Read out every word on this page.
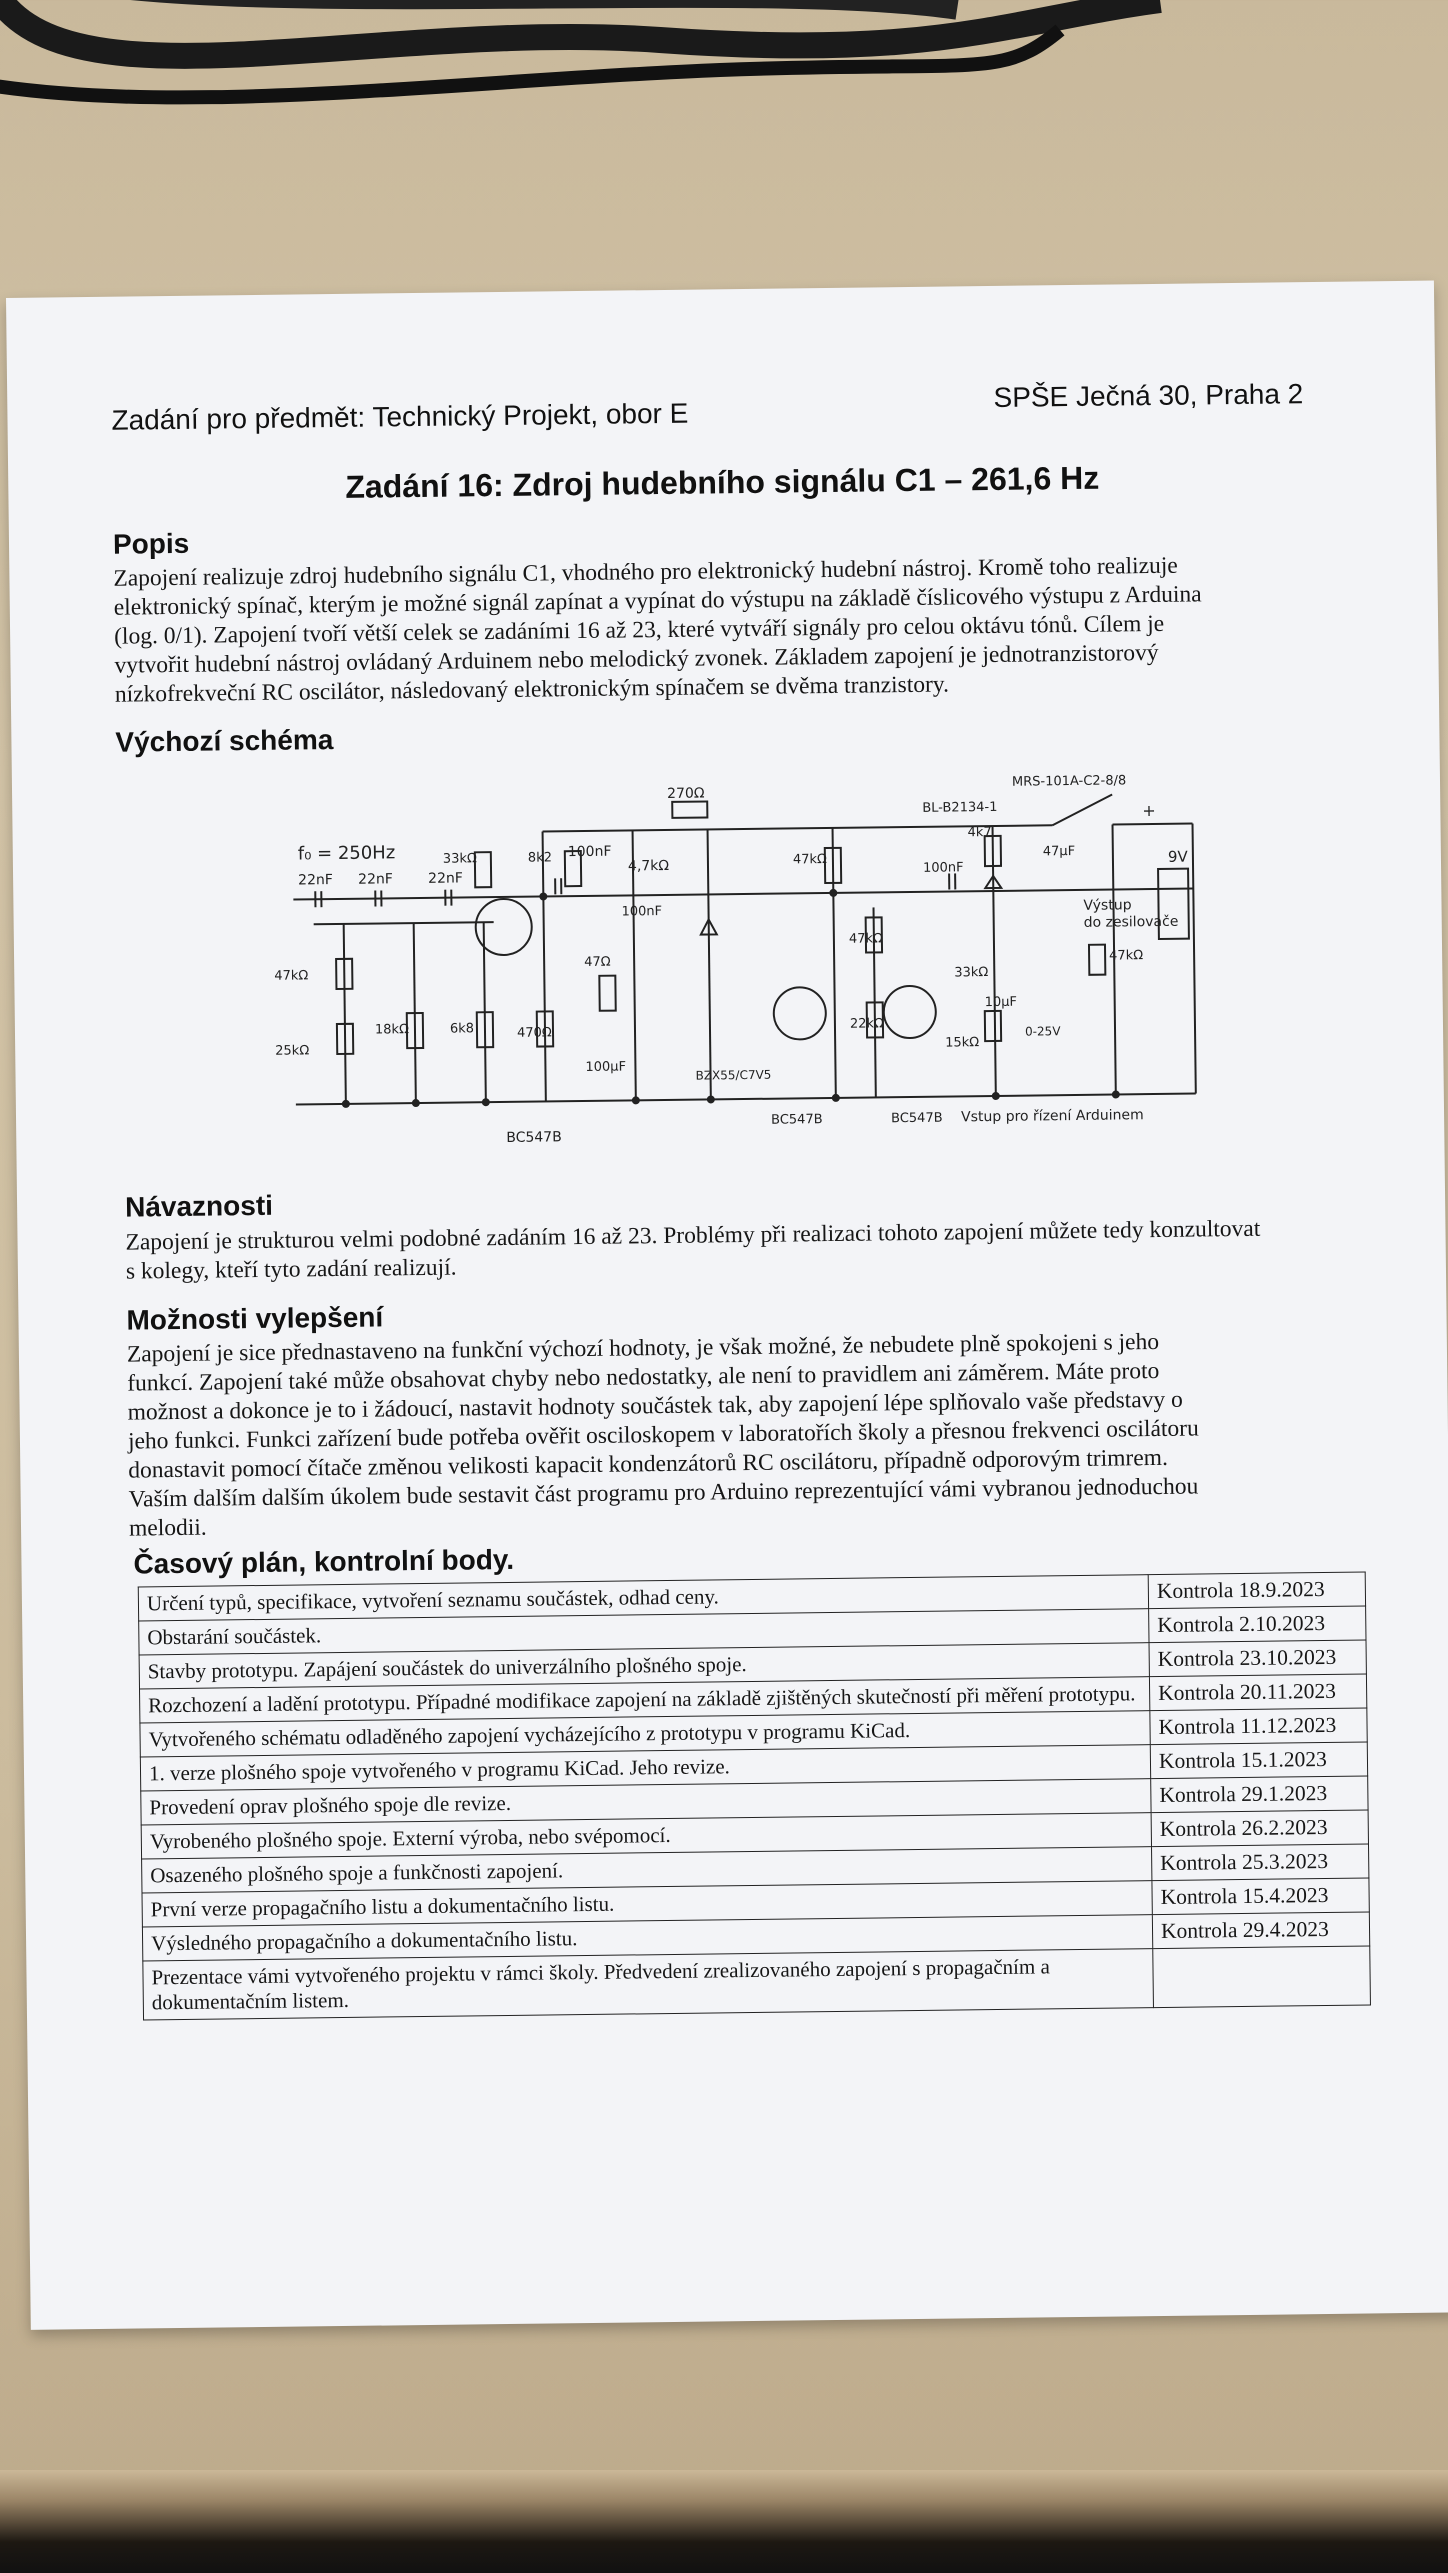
Zadání pro předmět: Technický Projekt, obor E
SPŠE Ječná 30, Praha 2
Zadání 16: Zdroj hudebního signálu C1 – 261,6 Hz
Popis
Zapojení realizuje zdroj hudebního signálu C1, vhodného pro elektronický hudební nástroj. Kromě toho realizuje
elektronický spínač, kterým je možné signál zapínat a vypínat do výstupu na základě číslicového výstupu z Arduina
(log. 0/1). Zapojení tvoří větší celek se zadáními 16 až 23, které vytváří signály pro celou oktávu tónů. Cílem je
vytvořit hudební nástroj ovládaný Arduinem nebo melodický zvonek. Základem zapojení je jednotranzistorový
nízkofrekveční RC oscilátor, následovaný elektronickým spínačem se dvěma tranzistory.
Výchozí schéma
f₀ = 250Hz
22nF 22nF	22nF
47kΩ
25kΩ
18kΩ	6k8
33kΩ	8k2 100nF
4,7kΩ
100nF
470Ω
47Ω
100μF
270Ω
BZX55/C7V5
47kΩ
47kΩ
22kΩ
100nF
BL-B2134-1
4k7
47μF
MRS-101A-C2-8/8
+
9V
33kΩ
15kΩ
10μF
0-25V
47kΩ
Výstup
do zesilovače
BC547B
BC547B	BC547B Vstup pro řízení Arduinem
Návaznosti
Zapojení je strukturou velmi podobné zadáním 16 až 23. Problémy při realizaci tohoto zapojení můžete tedy konzultovat
s kolegy, kteří tyto zadání realizují.
Možnosti vylepšení
Zapojení je sice přednastaveno na funkční výchozí hodnoty, je však možné, že nebudete plně spokojeni s jeho
funkcí. Zapojení také může obsahovat chyby nebo nedostatky, ale není to pravidlem ani záměrem. Máte proto
možnost a dokonce je to i žádoucí, nastavit hodnoty součástek tak, aby zapojení lépe splňovalo vaše představy o
jeho funkci. Funkci zařízení bude potřeba ověřit osciloskopem v laboratořích školy a přesnou frekvenci oscilátoru
donastavit pomocí čítače změnou velikosti kapacit kondenzátorů RC oscilátoru, případně odporovým trimrem.
Vaším dalším dalším úkolem bude sestavit část programu pro Arduino reprezentující vámi vybranou jednoduchou
melodii.
Časový plán, kontrolní body.
Určení typů, specifikace, vytvoření seznamu součástek, odhad ceny.	Kontrola 18.9.2023
Obstarání součástek.	Kontrola 2.10.2023
Stavby prototypu. Zapájení součástek do univerzálního plošného spoje.	Kontrola 23.10.2023
Rozchození a ladění prototypu. Případné modifikace zapojení na základě zjištěných skutečností při měření prototypu.	Kontrola 20.11.2023
Vytvořeného schématu odladěného zapojení vycházejícího z prototypu v programu KiCad.	Kontrola 11.12.2023
1. verze plošného spoje vytvořeného v programu KiCad. Jeho revize.	Kontrola 15.1.2023
Provedení oprav plošného spoje dle revize.	Kontrola 29.1.2023
Vyrobeného plošného spoje. Externí výroba, nebo svépomocí.	Kontrola 26.2.2023
Osazeného plošného spoje a funkčnosti zapojení.	Kontrola 25.3.2023
První verze propagačního listu a dokumentačního listu.	Kontrola 15.4.2023
Výsledného propagačního a dokumentačního listu.	Kontrola 29.4.2023
Prezentace vámi vytvořeného projektu v rámci školy. Předvedení zrealizovaného zapojení s propagačním a dokumentačním listem.	
